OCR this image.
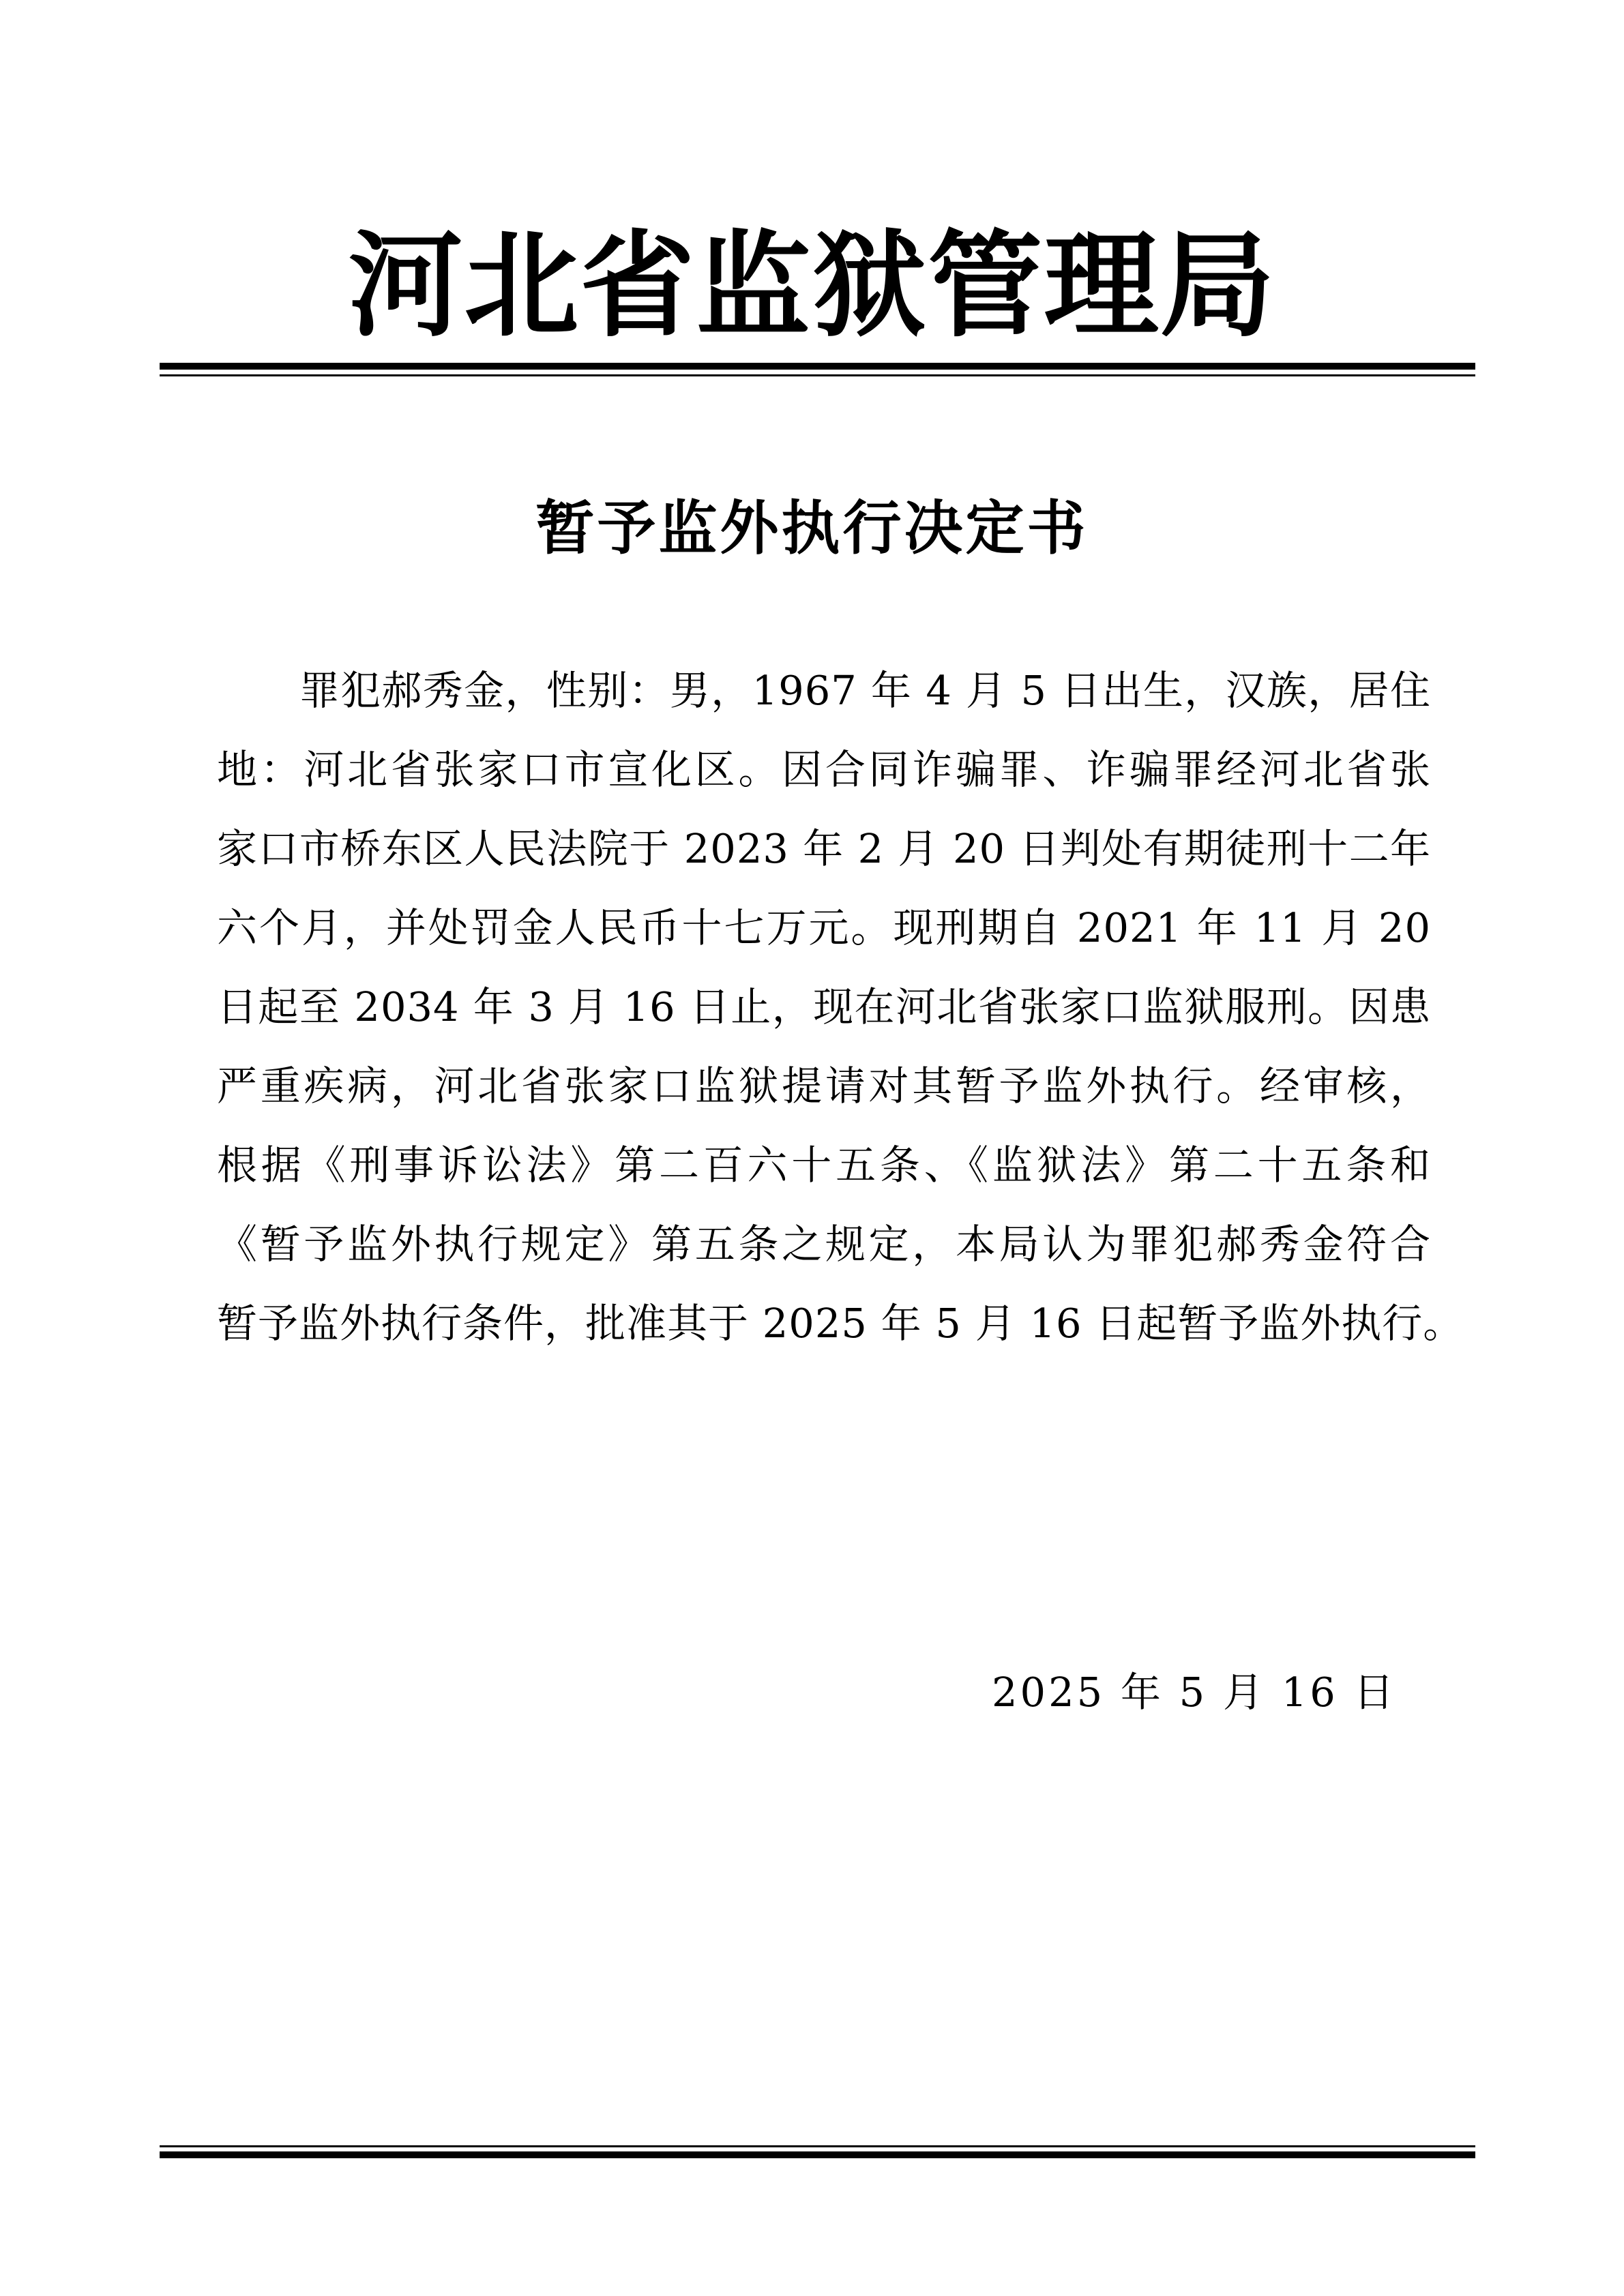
河北省监狱管理局
暂予监外执行决定书
　　罪犯郝秀金，性别：男，1967 年 4 月 5 日出生，汉族，居住
地：河北省张家口市宣化区。因合同诈骗罪、诈骗罪经河北省张
家口市桥东区人民法院于 2023 年 2 月 20 日判处有期徒刑十二年
六个月，并处罚金人民币十七万元。现刑期自 2021 年 11 月 20
日起至 2034 年 3 月 16 日止，现在河北省张家口监狱服刑。因患
严重疾病，河北省张家口监狱提请对其暂予监外执行。经审核，
根据《刑事诉讼法》第二百六十五条、《监狱法》第二十五条和
《暂予监外执行规定》第五条之规定，本局认为罪犯郝秀金符合
暂予监外执行条件，批准其于 2025 年 5 月 16 日起暂予监外执行。

2025 年 5 月 16 日
